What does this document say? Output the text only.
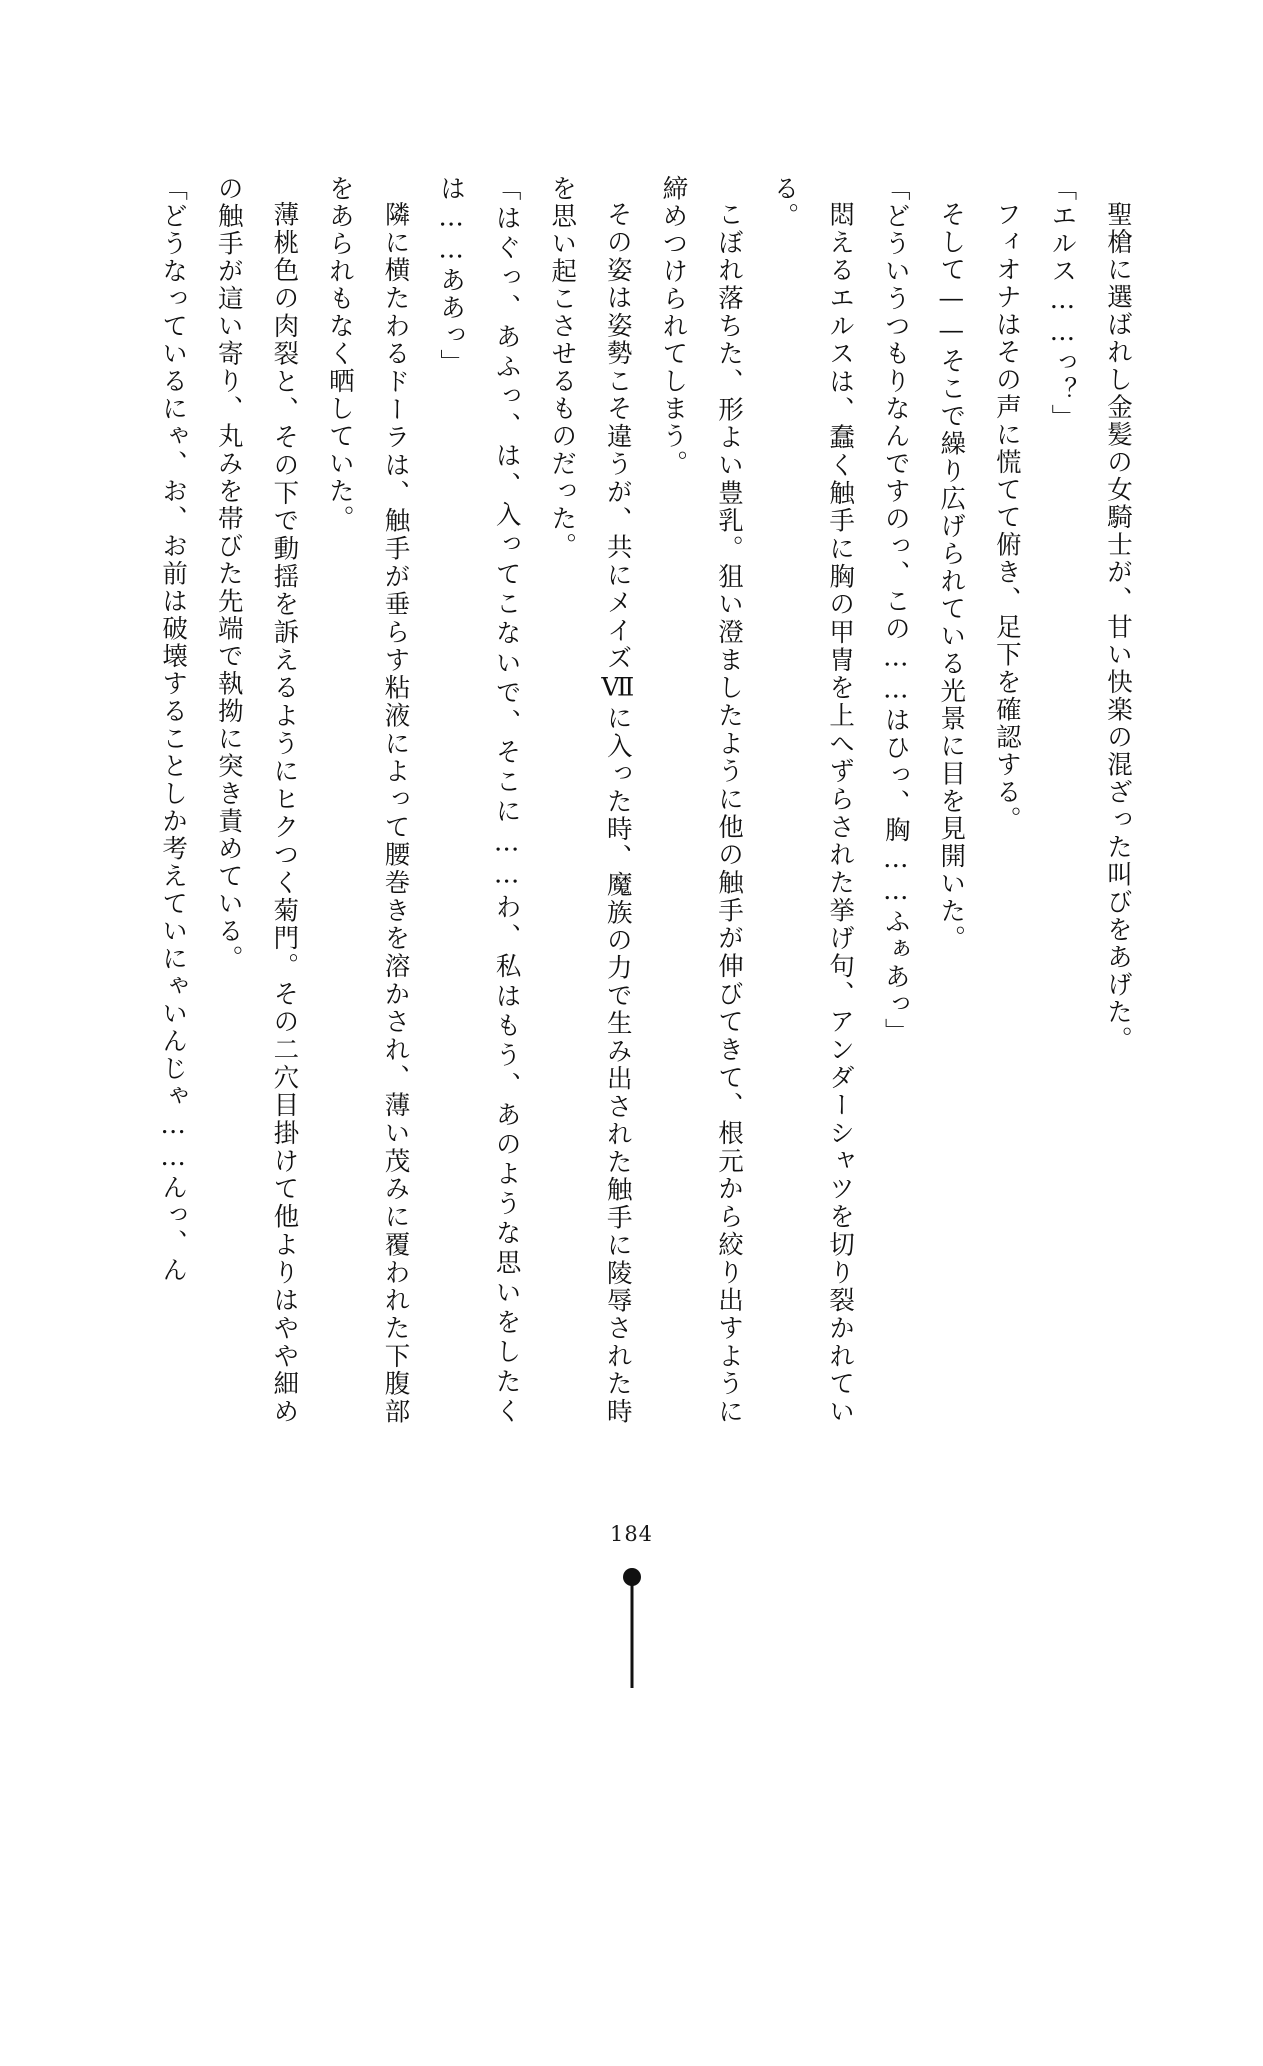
聖槍に選ばれし金髪の女騎士が、甘い快楽の混ざった叫びをあげた。

「エルス……っ？」

フィオナはその声に慌てて俯き、足下を確認する。

そして——そこで繰り広げられている光景に目を見開いた。

「どういうつもりなんですのっ、この……はひっ、胸……ふぁあっ」

悶えるエルスは、蠢く触手に胸の甲冑を上へずらされた挙げ句、アンダーシャツを切り裂かれている。

こぼれ落ちた、形よい豊乳。狙い澄ましたように他の触手が伸びてきて、根元から絞り出すように締めつけられてしまう。

その姿は姿勢こそ違うが、共にメイズⅦに入った時、魔族の力で生み出された触手に陵辱された時を思い起こさせるものだった。

「はぐっ、あふっ、は、入ってこないで、そこに……わ、私はもう、あのような思いをしたくは……ああっ」

隣に横たわるドーラは、触手が垂らす粘液によって腰巻きを溶かされ、薄い茂みに覆われた下腹部をあられもなく晒していた。

薄桃色の肉裂と、その下で動揺を訴えるようにヒクつく菊門。その二穴目掛けて他よりはやや細めの触手が這い寄り、丸みを帯びた先端で執拗に突き責めている。

「どうなっているにゃ、お、お前は破壊することしか考えていにゃいんじゃ……んっ、ん

184
